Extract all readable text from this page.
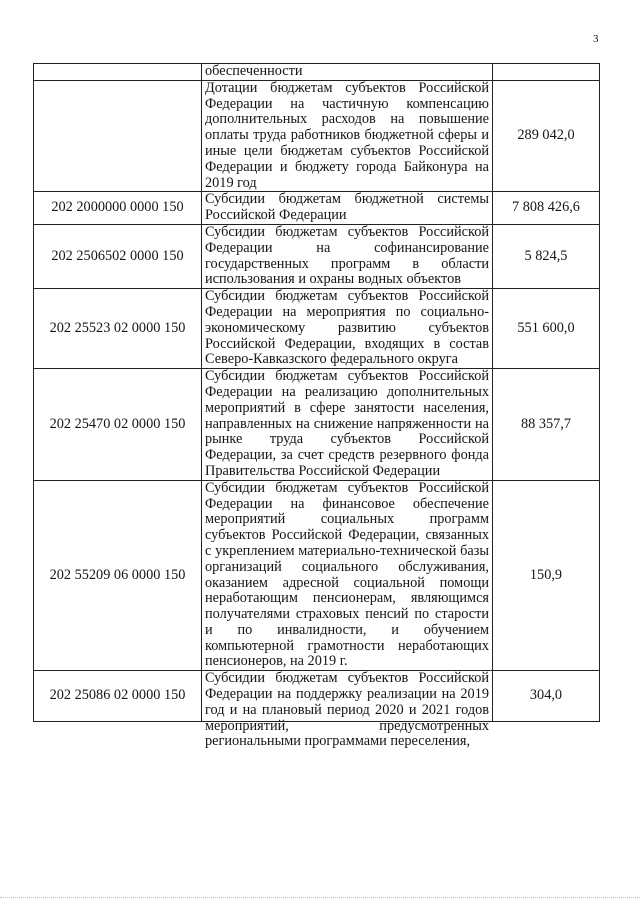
3
	обеспеченности	
	Дотации бюджетам субъектов Российской Федерации на частичную компенсацию дополнительных расходов на повышение оплаты труда работников бюджетной сферы и иные цели бюджетам субъектов Российской Федерации и бюджету города Байконура на 2019 год	289 042,0
202 2000000 0000 150	Субсидии бюджетам бюджетной системы Российской Федерации	7 808 426,6
202 2506502 0000 150	Субсидии бюджетам субъектов Российской Федерации на софинансирование государственных программ в области использования и охраны водных объектов	5 824,5
202 25523 02 0000 150	Субсидии бюджетам субъектов Российской Федерации на мероприятия по социально-экономическому развитию субъектов Российской Федерации, входящих в состав Северо-Кавказского федерального округа	551 600,0
202 25470 02 0000 150	Субсидии бюджетам субъектов Российской Федерации на реализацию дополнительных мероприятий в сфере занятости населения, направленных на снижение напряженности на рынке труда субъектов Российской Федерации, за счет средств резервного фонда Правительства Российской Федерации	88 357,7
202 55209 06 0000 150	Субсидии бюджетам субъектов Российской Федерации на финансовое обеспечение мероприятий социальных программ субъектов Российской Федерации, связанных с укреплением материально-технической базы организаций социального обслуживания, оказанием адресной социальной помощи неработающим пенсионерам, являющимся получателями страховых пенсий по старости и по инвалидности, и обучением компьютерной грамотности неработающих пенсионеров, на 2019 г.	150,9
202 25086 02 0000 150	Субсидии бюджетам субъектов Российской Федерации на поддержку реализации на 2019 год и на плановый период 2020 и 2021 годов мероприятий, предусмотренных региональными программами переселения,	304,0
